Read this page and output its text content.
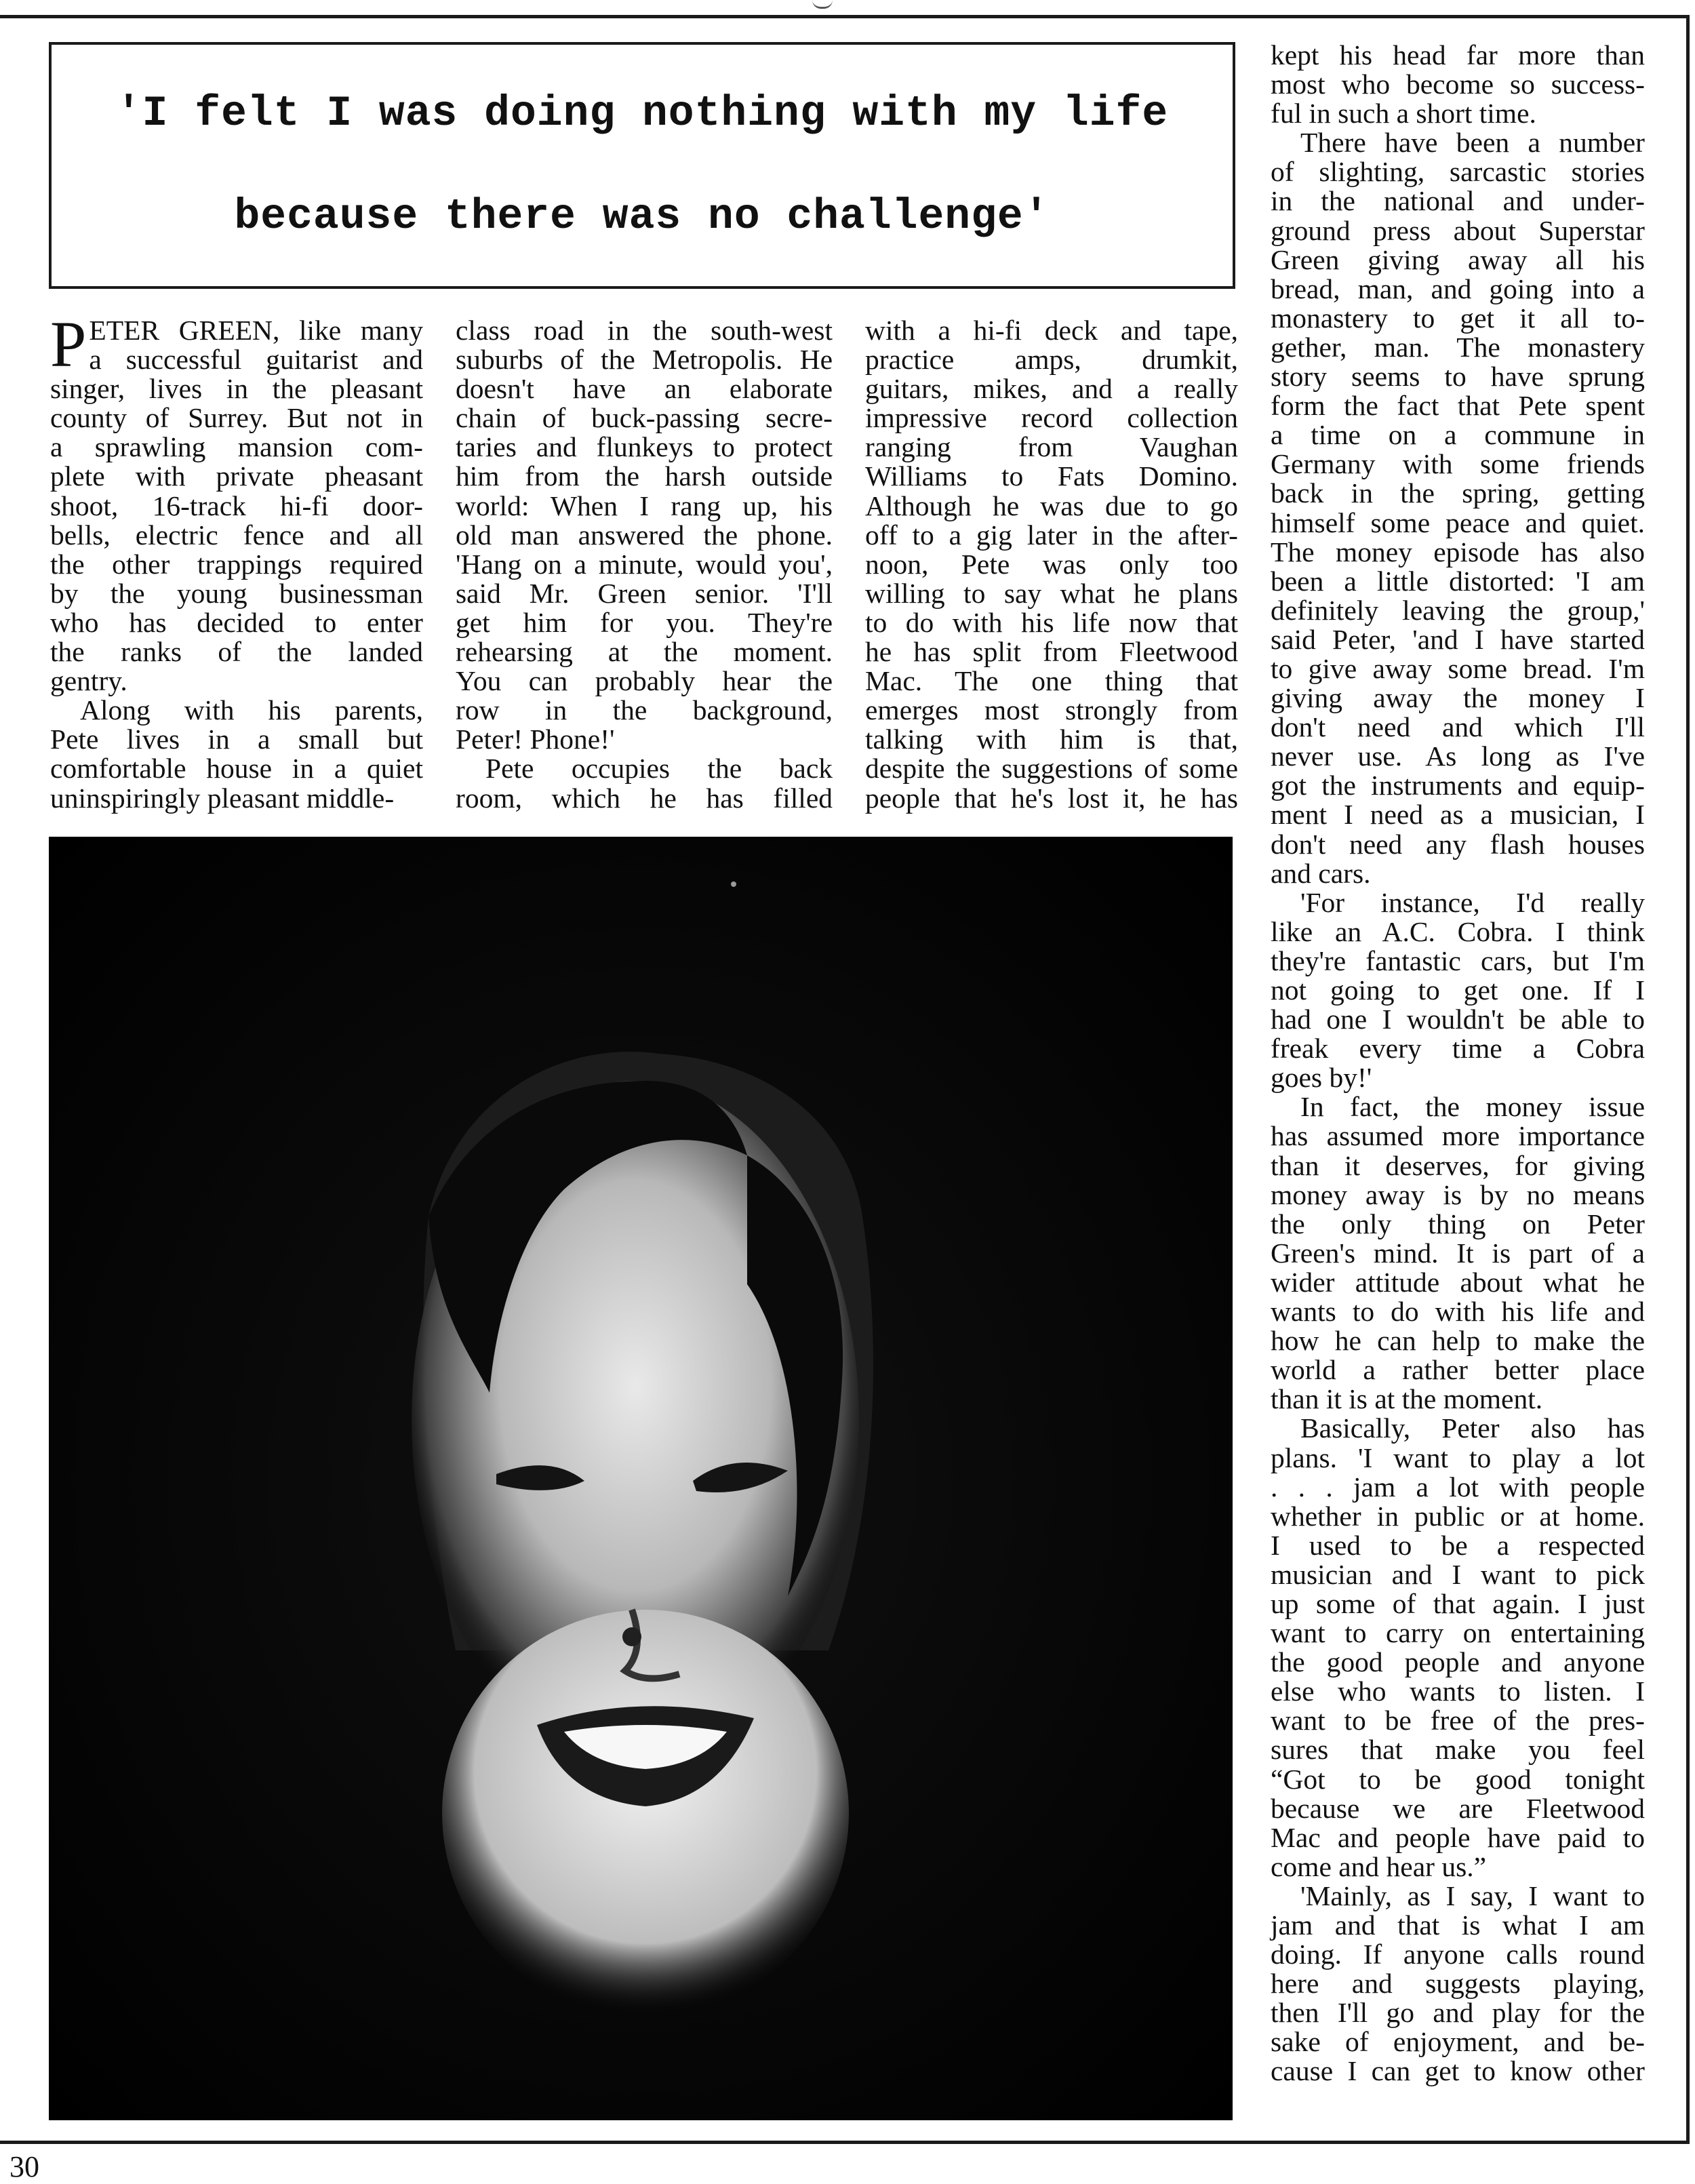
'I felt I was doing nothing with my life
because there was no challenge'
P ETER GREEN, like many

a successful guitarist and

singer, lives in the pleasant

county of Surrey. But not in

a sprawling mansion com-

plete with private pheasant

shoot, 16-track hi-fi door-

bells, electric fence and all

the other trappings required

by the young businessman

who has decided to enter

the ranks of the landed

gentry.

Along with his parents,

Pete lives in a small but

comfortable house in a quiet

uninspiringly pleasant middle-

class road in the south-west

suburbs of the Metropolis. He

doesn't have an elaborate

chain of buck-passing secre-

taries and flunkeys to protect

him from the harsh outside

world: When I rang up, his

old man answered the phone.

'Hang on a minute, would you',

said Mr. Green senior. 'I'll

get him for you. They're

rehearsing at the moment.

You can probably hear the

row in the background,

Peter! Phone!'

Pete occupies the back

room, which he has filled

with a hi-fi deck and tape,

practice amps, drumkit,

guitars, mikes, and a really

impressive record collection

ranging from Vaughan

Williams to Fats Domino.

Although he was due to go

off to a gig later in the after-

noon, Pete was only too

willing to say what he plans

to do with his life now that

he has split from Fleetwood

Mac. The one thing that

emerges most strongly from

talking with him is that,

despite the suggestions of some

people that he's lost it, he has

kept his head far more than

most who become so success-

ful in such a short time.

There have been a number

of slighting, sarcastic stories

in the national and under-

ground press about Superstar

Green giving away all his

bread, man, and going into a

monastery to get it all to-

gether, man. The monastery

story seems to have sprung

form the fact that Pete spent

a time on a commune in

Germany with some friends

back in the spring, getting

himself some peace and quiet.

The money episode has also

been a little distorted: 'I am

definitely leaving the group,'

said Peter, 'and I have started

to give away some bread. I'm

giving away the money I

don't need and which I'll

never use. As long as I've

got the instruments and equip-

ment I need as a musician, I

don't need any flash houses

and cars.

'For instance, I'd really

like an A.C. Cobra. I think

they're fantastic cars, but I'm

not going to get one. If I

had one I wouldn't be able to

freak every time a Cobra

goes by!'

In fact, the money issue

has assumed more importance

than it deserves, for giving

money away is by no means

the only thing on Peter

Green's mind. It is part of a

wider attitude about what he

wants to do with his life and

how he can help to make the

world a rather better place

than it is at the moment.

Basically, Peter also has

plans. 'I want to play a lot

. . . jam a lot with people

whether in public or at home.

I used to be a respected

musician and I want to pick

up some of that again. I just

want to carry on entertaining

the good people and anyone

else who wants to listen. I

want to be free of the pres-

sures that make you feel

“Got to be good tonight

because we are Fleetwood

Mac and people have paid to

come and hear us.”

'Mainly, as I say, I want to

jam and that is what I am

doing. If anyone calls round

here and suggests playing,

then I'll go and play for the

sake of enjoyment, and be-

cause I can get to know other

30
